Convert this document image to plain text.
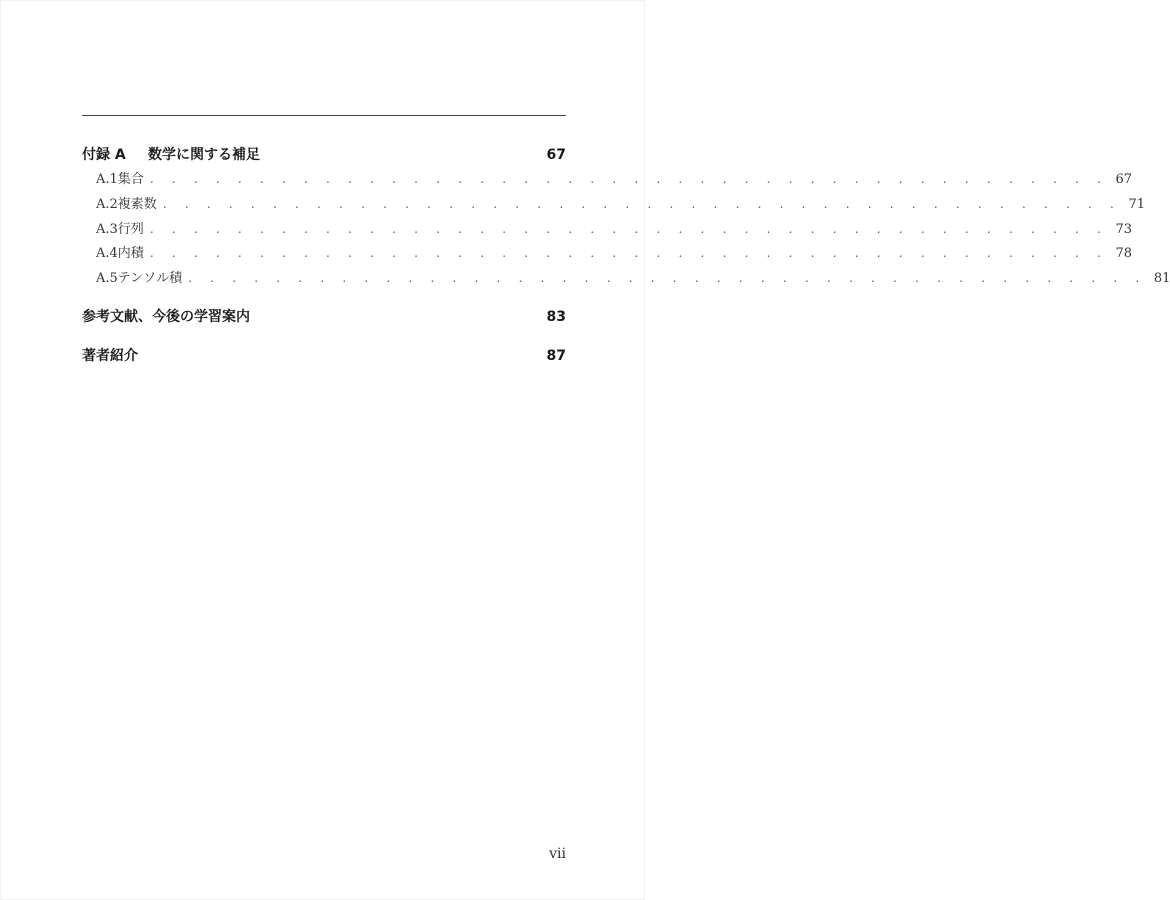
付録 A	数学に関する補足	67
A.1 集合 . . . . . . . . . . . . . . . . . . . . . . . . . . . . . . . . . . . . . . . . . . . . 67
A.2 複素数 . . . . . . . . . . . . . . . . . . . . . . . . . . . . . . . . . . . . . . . . . . . . 71
A.3 行列 . . . . . . . . . . . . . . . . . . . . . . . . . . . . . . . . . . . . . . . . . . . . 73
A.4 内積 . . . . . . . . . . . . . . . . . . . . . . . . . . . . . . . . . . . . . . . . . . . . 78
A.5 テンソル積 . . . . . . . . . . . . . . . . . . . . . . . . . . . . . . . . . . . . . . . . . . . . 81
参考文献、今後の学習案内	83
著者紹介	87
vii
